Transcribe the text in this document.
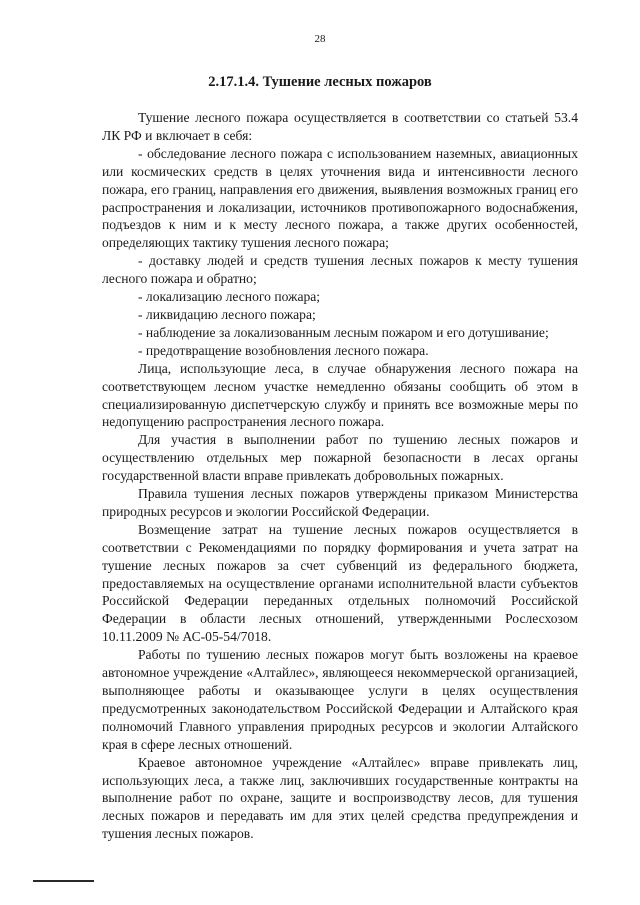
28
2.17.1.4. Тушение лесных пожаров

Тушение лесного пожара осуществляется в соответствии со статьей 53.4 ЛК РФ и включает в себя:

- обследование лесного пожара с использованием наземных, авиационных или космических средств в целях уточнения вида и интенсивности лесного пожара, его границ, направления его движения, выявления возможных границ его распространения и локализации, источников противопожарного водоснабжения, подъездов к ним и к месту лесного пожара, а также других особенностей, определяющих тактику тушения лесного пожара;

- доставку людей и средств тушения лесных пожаров к месту тушения лесного пожара и обратно;

- локализацию лесного пожара;

- ликвидацию лесного пожара;

- наблюдение за локализованным лесным пожаром и его дотушивание;

- предотвращение возобновления лесного пожара.

Лица, использующие леса, в случае обнаружения лесного пожара на соответствующем лесном участке немедленно обязаны сообщить об этом в специализированную диспетчерскую службу и принять все возможные меры по недопущению распространения лесного пожара.

Для участия в выполнении работ по тушению лесных пожаров и осуществлению отдельных мер пожарной безопасности в лесах органы государственной власти вправе привлекать добровольных пожарных.

Правила тушения лесных пожаров утверждены приказом Министерства природных ресурсов и экологии Российской Федерации.

Возмещение затрат на тушение лесных пожаров осуществляется в соответствии с Рекомендациями по порядку формирования и учета затрат на тушение лесных пожаров за счет субвенций из федерального бюджета, предоставляемых на осуществление органами исполнительной власти субъектов Российской Федерации переданных отдельных полномочий Российской Федерации в области лесных отношений, утвержденными Рослесхозом 10.11.2009 № АС-05-54/7018.

Работы по тушению лесных пожаров могут быть возложены на краевое автономное учреждение «Алтайлес», являющееся некоммерческой организацией, выполняющее работы и оказывающее услуги в целях осуществления предусмотренных законодательством Российской Федерации и Алтайского края полномочий Главного управления природных ресурсов и экологии Алтайского края в сфере лесных отношений.

Краевое автономное учреждение «Алтайлес» вправе привлекать лиц, использующих леса, а также лиц, заключивших государственные контракты на выполнение работ по охране, защите и воспроизводству лесов, для тушения лесных пожаров и передавать им для этих целей средства предупреждения и тушения лесных пожаров.
